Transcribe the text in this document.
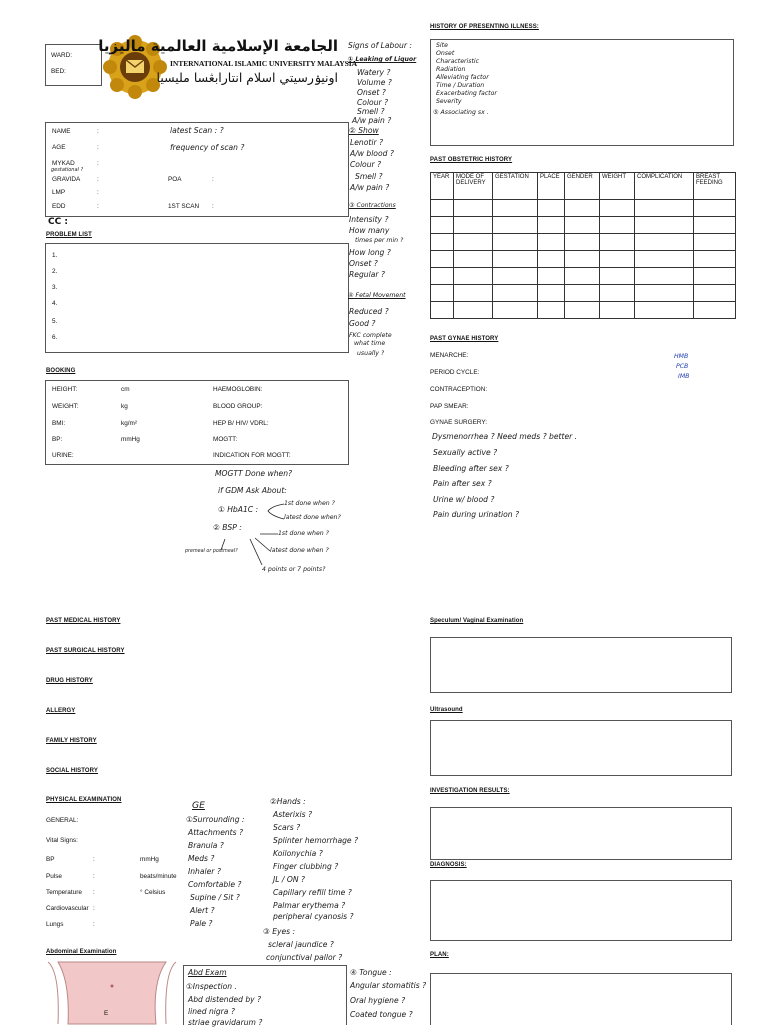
WARD:
BED:
الجامعة الإسلامية العالمية ماليزيا
INTERNATIONAL ISLAMIC UNIVERSITY MALAYSIA
اونيۏرسيتي اسلام انتارابڠسا مليسيا
NAME	:
AGE	:
MYKAD	:
gestational ?
GRAVIDA	:	POA	:
LMP	:
EDD	:	1ST SCAN :
latest Scan : ?
frequency of scan ?
CC :
PROBLEM LIST
1.
2.
3.
4.
5.
6.
BOOKING
HEIGHT:	cm
WEIGHT:	kg
BMI:	kg/m²
BP:	mmHg
URINE:
HAEMOGLOBIN:
BLOOD GROUP:
HEP B/ HIV/ VDRL:
MOGTT:
INDICATION FOR MOGTT:
MOGTT Done when?
if GDM Ask About:
① HbA1C :
1st done when ?
latest done when?
② BSP :
1st done when ?
latest done when ?
4 points or 7 points?
premeal or postmeal?
Signs of Labour :
① Leaking of Liquor
Watery ?
Volume ?
Onset ?
Colour ?
Smell ?
A/w pain ?
② Show
Lenotir ?
A/w blood ?
Colour ?
Smell ?
A/w pain ?
③ Contractions
Intensity ?
How many
times per min ?
How long ?
Onset ?
Regular ?
④ Fetal Movement
Reduced ?
Good ?
FKC complete
what time
usually ?
HISTORY OF PRESENTING ILLNESS:
Site
Onset
Characteristic
Radiation
Alleviating factor
Time / Duration
Exacerbating factor
Severity
⑤ Associating sx .
PAST OBSTETRIC HISTORY
YEAR	MODE OF DELIVERY	GESTATION	PLACE	GENDER	WEIGHT	COMPLICATION	BREAST FEEDING

PAST GYNAE HISTORY
MENARCHE:
PERIOD CYCLE:
CONTRACEPTION:
PAP SMEAR:
GYNAE SURGERY:
HMB
PCB
IMB
Dysmenorrhea ? Need meds ? better .
Sexually active ?
Bleeding after sex ?
Pain after sex ?
Urine w/ blood ?
Pain during urination ?
PAST MEDICAL HISTORY
PAST SURGICAL HISTORY
DRUG HISTORY
ALLERGY
FAMILY HISTORY
SOCIAL HISTORY
PHYSICAL EXAMINATION
GENERAL:
Vital Signs:
BP	:	mmHg
Pulse	:	beats/minute
Temperature :	° Celsius
Cardiovascular :
Lungs	:
Abdominal Examination
E
GE
①Surrounding :
Attachments ?
Branula ?
Meds ?
Inhaler ?
Comfortable ?
Supine / Sit ?
Alert ?
Pale ?
②Hands :
Asterixis ?
Scars ?
Splinter hemorrhage ?
Koilonychia ?
Finger clubbing ?
JL / ON ?
Capillary refill time ?
Palmar erythema ?
peripheral cyanosis ?
③ Eyes :
scleral jaundice ?
conjunctival pallor ?
Abd Exam
①Inspection .
Abd distended by ?
lined nigra ?
striae gravidarum ?
④ Tongue :
Angular stomatitis ?
Oral hygiene ?
Coated tongue ?
Speculum/ Vaginal Examination
Ultrasound
INVESTIGATION RESULTS:
DIAGNOSIS:
PLAN:
